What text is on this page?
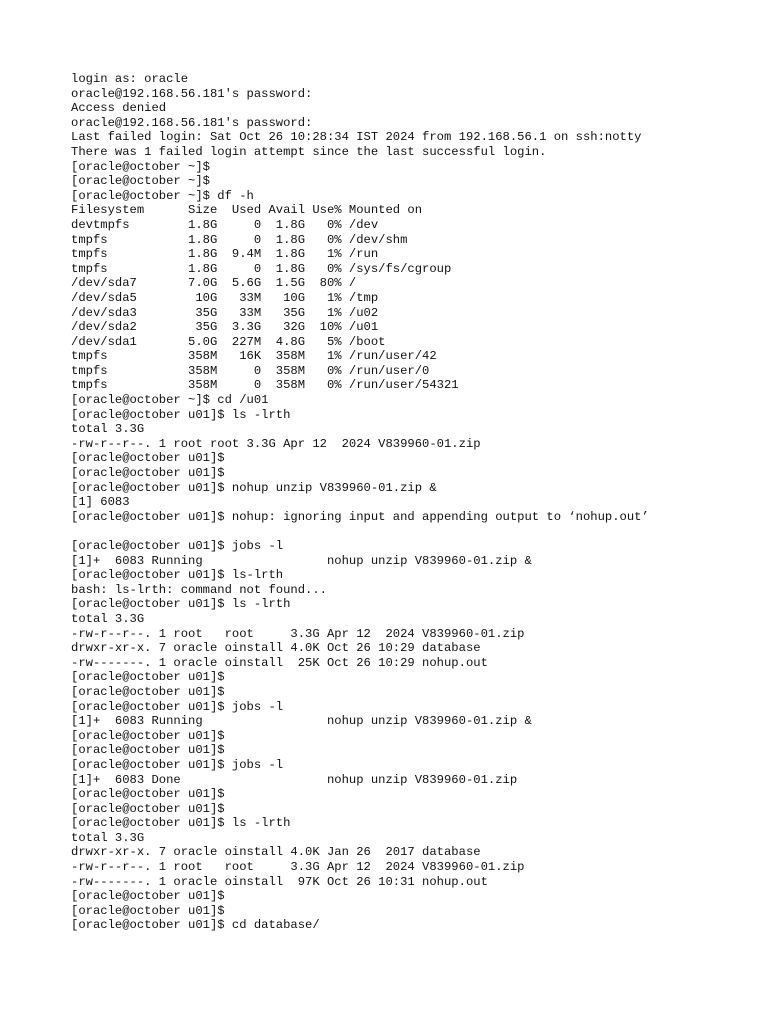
login as: oracle
oracle@192.168.56.181's password:
Access denied
oracle@192.168.56.181's password:
Last failed login: Sat Oct 26 10:28:34 IST 2024 from 192.168.56.1 on ssh:notty
There was 1 failed login attempt since the last successful login.
[oracle@october ~]$
[oracle@october ~]$
[oracle@october ~]$ df -h
Filesystem      Size  Used Avail Use% Mounted on
devtmpfs        1.8G     0  1.8G   0% /dev
tmpfs           1.8G     0  1.8G   0% /dev/shm
tmpfs           1.8G  9.4M  1.8G   1% /run
tmpfs           1.8G     0  1.8G   0% /sys/fs/cgroup
/dev/sda7       7.0G  5.6G  1.5G  80% /
/dev/sda5        10G   33M   10G   1% /tmp
/dev/sda3        35G   33M   35G   1% /u02
/dev/sda2        35G  3.3G   32G  10% /u01
/dev/sda1       5.0G  227M  4.8G   5% /boot
tmpfs           358M   16K  358M   1% /run/user/42
tmpfs           358M     0  358M   0% /run/user/0
tmpfs           358M     0  358M   0% /run/user/54321
[oracle@october ~]$ cd /u01
[oracle@october u01]$ ls -lrth
total 3.3G
-rw-r--r--. 1 root root 3.3G Apr 12  2024 V839960-01.zip
[oracle@october u01]$
[oracle@october u01]$
[oracle@october u01]$ nohup unzip V839960-01.zip &
[1] 6083
[oracle@october u01]$ nohup: ignoring input and appending output to ‘nohup.out’
[oracle@october u01]$ jobs -l
[1]+  6083 Running                 nohup unzip V839960-01.zip &
[oracle@october u01]$ ls-lrth
bash: ls-lrth: command not found...
[oracle@october u01]$ ls -lrth
total 3.3G
-rw-r--r--. 1 root   root     3.3G Apr 12  2024 V839960-01.zip
drwxr-xr-x. 7 oracle oinstall 4.0K Oct 26 10:29 database
-rw-------. 1 oracle oinstall  25K Oct 26 10:29 nohup.out
[oracle@october u01]$
[oracle@october u01]$
[oracle@october u01]$ jobs -l
[1]+  6083 Running                 nohup unzip V839960-01.zip &
[oracle@october u01]$
[oracle@october u01]$
[oracle@october u01]$ jobs -l
[1]+  6083 Done                    nohup unzip V839960-01.zip
[oracle@october u01]$
[oracle@october u01]$
[oracle@october u01]$ ls -lrth
total 3.3G
drwxr-xr-x. 7 oracle oinstall 4.0K Jan 26  2017 database
-rw-r--r--. 1 root   root     3.3G Apr 12  2024 V839960-01.zip
-rw-------. 1 oracle oinstall  97K Oct 26 10:31 nohup.out
[oracle@october u01]$
[oracle@october u01]$
[oracle@october u01]$ cd database/
